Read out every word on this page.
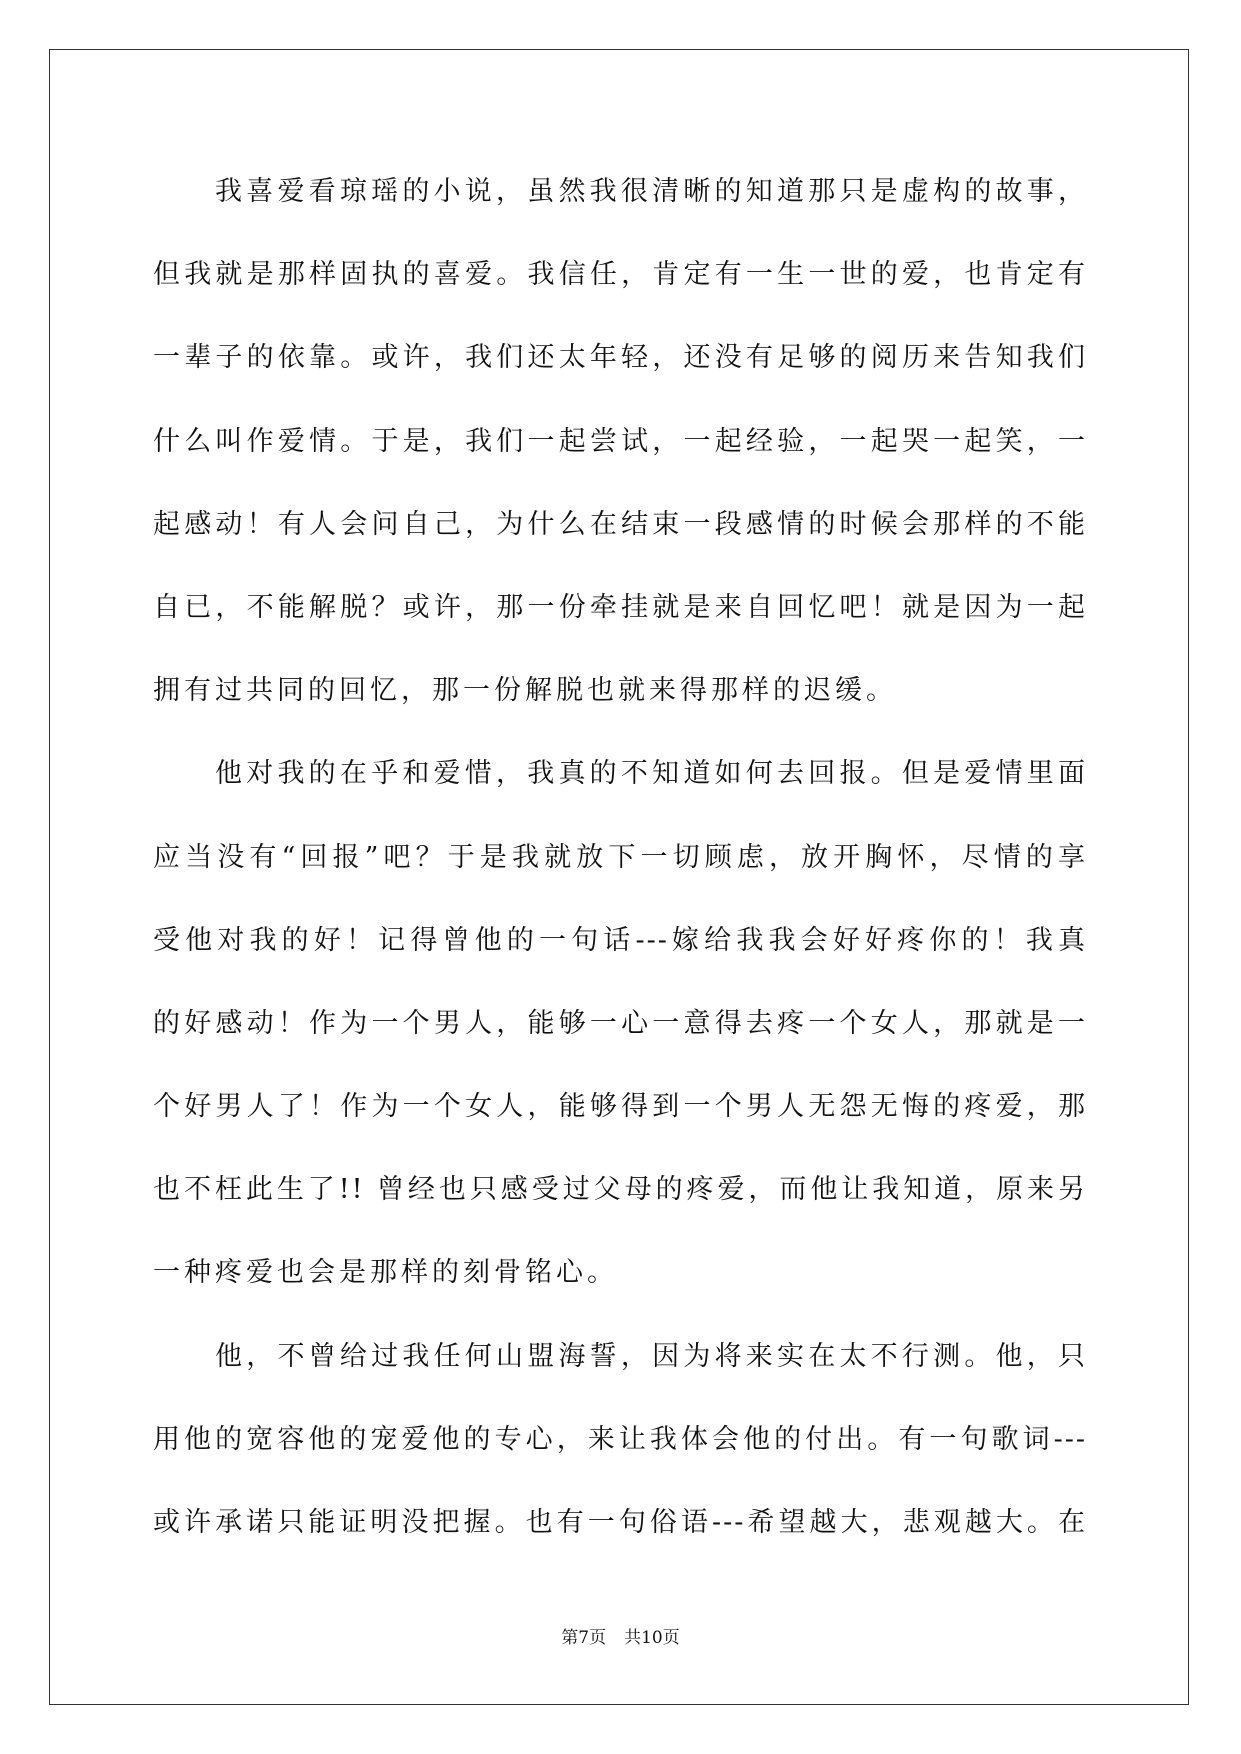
我喜爱看琼瑶的小说，虽然我很清晰的知道那只是虚构的故事，
但我就是那样固执的喜爱。我信任，肯定有一生一世的爱，也肯定有
一辈子的依靠。或许，我们还太年轻，还没有足够的阅历来告知我们
什么叫作爱情。于是，我们一起尝试，一起经验，一起哭一起笑，一
起感动！有人会问自己，为什么在结束一段感情的时候会那样的不能
自已，不能解脱？或许，那一份牵挂就是来自回忆吧！就是因为一起
拥有过共同的回忆，那一份解脱也就来得那样的迟缓。
他对我的在乎和爱惜，我真的不知道如何去回报。但是爱情里面
应当没有“回报”吧？于是我就放下一切顾虑，放开胸怀，尽情的享
受他对我的好！记得曾他的一句话---嫁给我我会好好疼你的！我真
的好感动！作为一个男人，能够一心一意得去疼一个女人，那就是一
个好男人了！作为一个女人，能够得到一个男人无怨无悔的疼爱，那
也不枉此生了!! 曾经也只感受过父母的疼爱，而他让我知道，原来另
一种疼爱也会是那样的刻骨铭心。
他，不曾给过我任何山盟海誓，因为将来实在太不行测。他，只
用他的宽容他的宠爱他的专心，来让我体会他的付出。有一句歌词---
或许承诺只能证明没把握。也有一句俗语---希望越大，悲观越大。在
第7页 共10页
